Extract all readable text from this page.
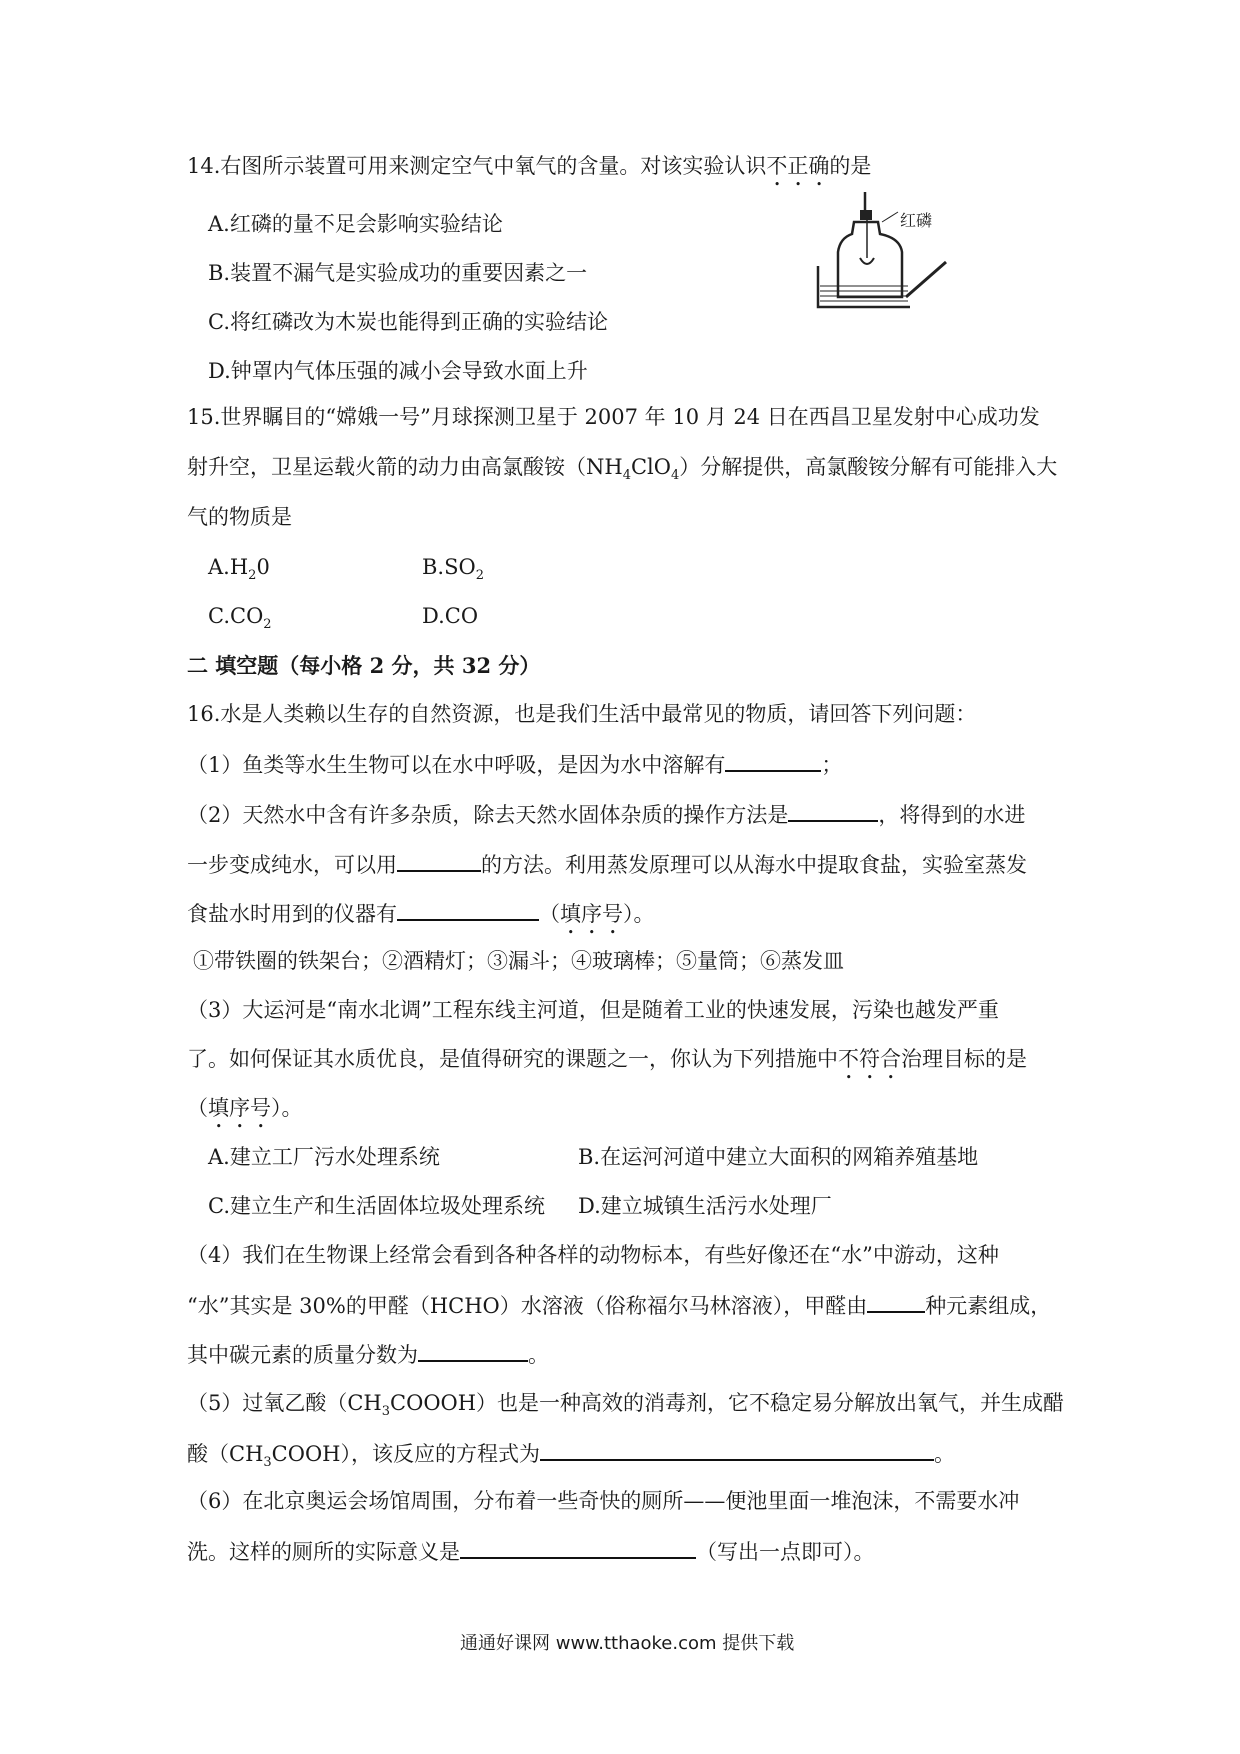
14.右图所示装置可用来测定空气中氧气的含量。对该实验认识不正确的是
A.红磷的量不足会影响实验结论
B.装置不漏气是实验成功的重要因素之一
C.将红磷改为木炭也能得到正确的实验结论
D.钟罩内气体压强的减小会导致水面上升
红磷
15.世界瞩目的“嫦娥一号”月球探测卫星于 2007 年 10 月 24 日在西昌卫星发射中心成功发
射升空，卫星运载火箭的动力由高氯酸铵$(NH_4ClO_4)$分解提供，高氯酸铵分解有可能排入大
气的物质是
$A.H_20$	$B.SO_2$
$C.CO_2$	D.CO
二 填空题（每小格 2 分，共 32 分）
16.水是人类赖以生存的自然资源，也是我们生活中最常见的物质，请回答下列问题：
（1）鱼类等水生生物可以在水中呼吸，是因为水中溶解有	；
（2）天然水中含有许多杂质，除去天然水固体杂质的操作方法是	，将得到的水进
一步变成纯水，可以用	的方法。利用蒸发原理可以从海水中提取食盐，实验室蒸发
食盐水时用到的仪器有	（填序号）。
①带铁圈的铁架台；②酒精灯；③漏斗；④玻璃棒；⑤量筒；⑥蒸发皿
（3）大运河是“南水北调”工程东线主河道，但是随着工业的快速发展，污染也越发严重
了。如何保证其水质优良，是值得研究的课题之一，你认为下列措施中不符合治理目标的是
（填序号）。
A.建立工厂污水处理系统	B.在运河河道中建立大面积的网箱养殖基地
C.建立生产和生活固体垃圾处理系统 D.建立城镇生活污水处理厂
（4）我们在生物课上经常会看到各种各样的动物标本，有些好像还在“水”中游动，这种
“水”其实是 30%的甲醛（HCHO）水溶液（俗称福尔马林溶液），甲醛由	种元素组成，
其中碳元素的质量分数为	。
（5）过氧乙酸$(CH_3COOOH)$也是一种高效的消毒剂，它不稳定易分解放出氧气，并生成醋
酸$(CH_3COOH)$，该反应的方程式为	。
（6）在北京奥运会场馆周围，分布着一些奇快的厕所——便池里面一堆泡沫，不需要水冲
洗。这样的厕所的实际意义是	（写出一点即可）。
通通好课网 www.tthaoke.com 提供下载
